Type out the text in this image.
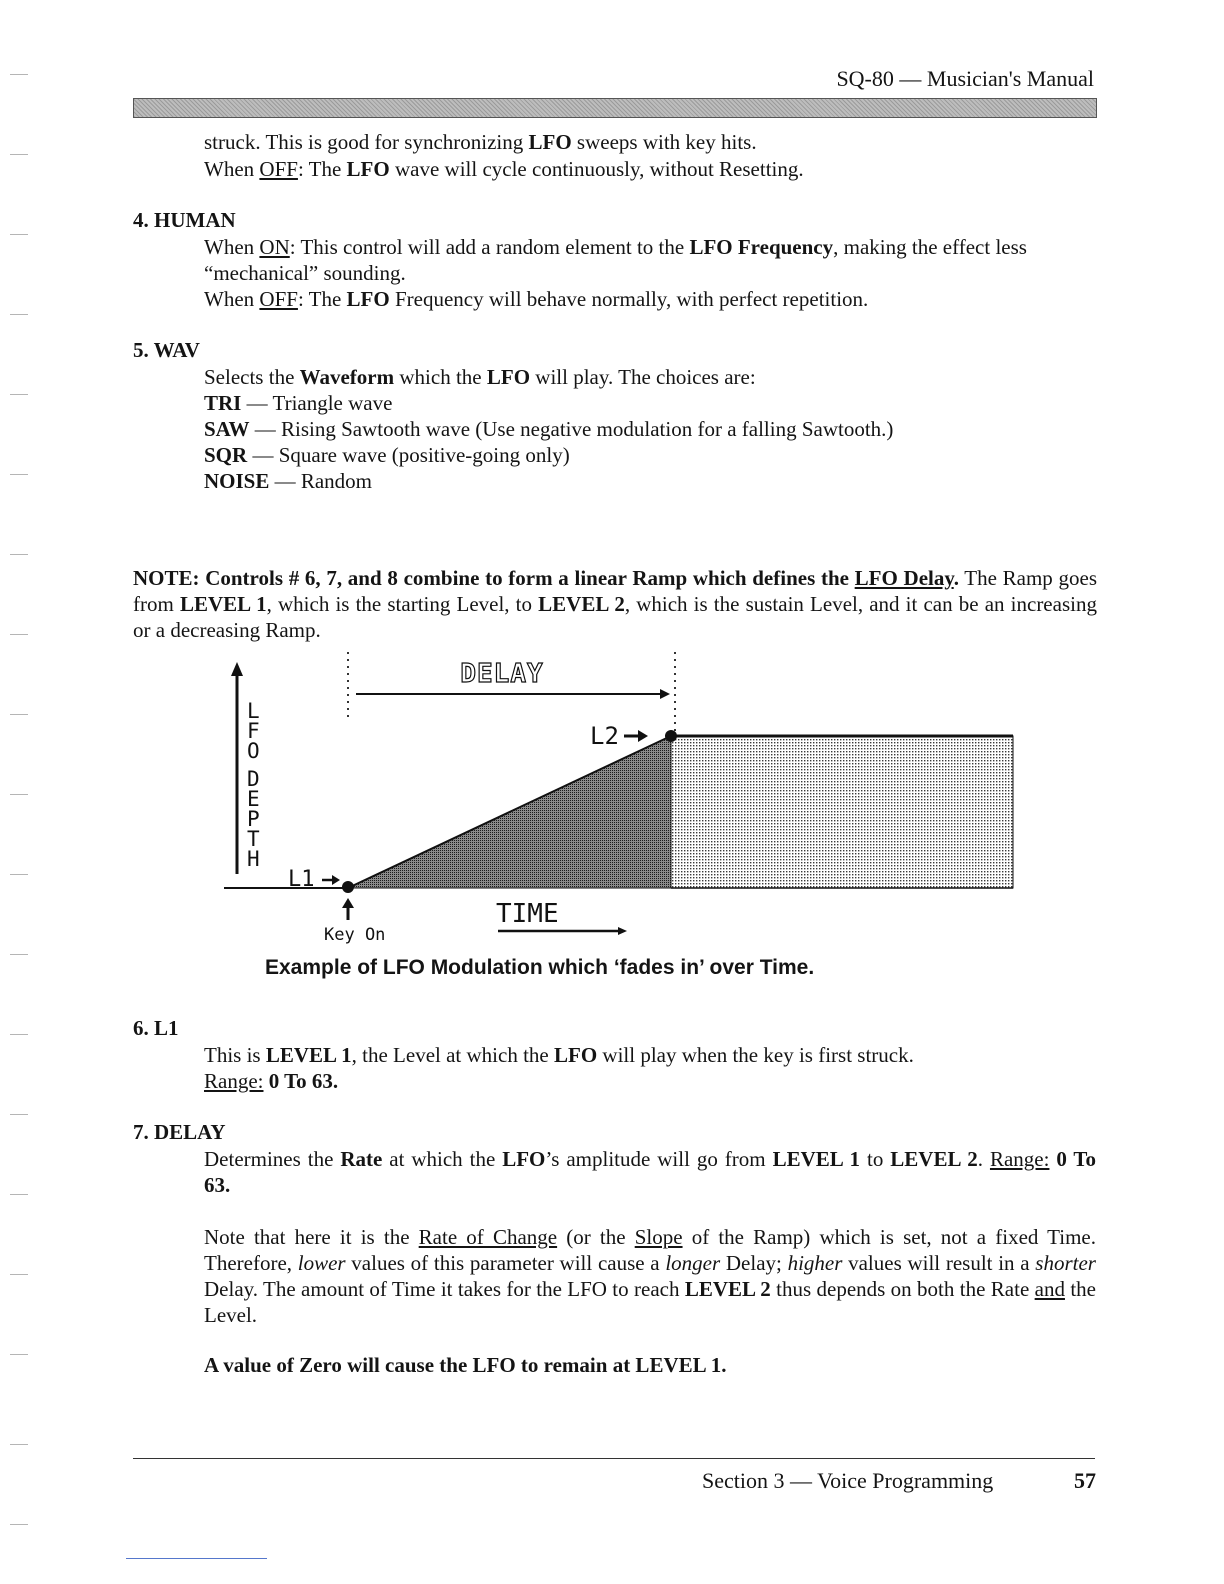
SQ-80 — Musician's Manual

struck. This is good for synchronizing LFO sweeps with key hits.

When OFF: The LFO wave will cycle continuously, without Resetting.

4. HUMAN

When ON: This control will add a random element to the LFO Frequency, making the effect less “mechanical” sounding.

When OFF: The LFO Frequency will behave normally, with perfect repetition.

5. WAV

Selects the Waveform which the LFO will play. The choices are:

TRI — Triangle wave

SAW — Rising Sawtooth wave (Use negative modulation for a falling Sawtooth.)

SQR — Square wave (positive-going only)

NOISE — Random

NOTE: Controls # 6, 7, and 8 combine to form a linear Ramp which defines the LFO Delay. The Ramp goes from LEVEL 1, which is the starting Level, to LEVEL 2, which is the sustain Level, and it can be an increasing or a decreasing Ramp.

L
F
O
D
E
P
T
H
DELAY
L1
L2
Key On
TIME
Example of LFO Modulation which ‘fades in’ over Time.
6. L1

This is LEVEL 1, the Level at which the LFO will play when the key is first struck.

Range: 0 To 63.

7. DELAY

Determines the Rate at which the LFO’s amplitude will go from LEVEL 1 to LEVEL 2. Range: 0 To 63.

Note that here it is the Rate of Change (or the Slope of the Ramp) which is set, not a fixed Time. Therefore, lower values of this parameter will cause a longer Delay; higher values will result in a shorter Delay. The amount of Time it takes for the LFO to reach LEVEL 2 thus depends on both the Rate and the Level.

A value of Zero will cause the LFO to remain at LEVEL 1.

Section 3 — Voice Programming	57
